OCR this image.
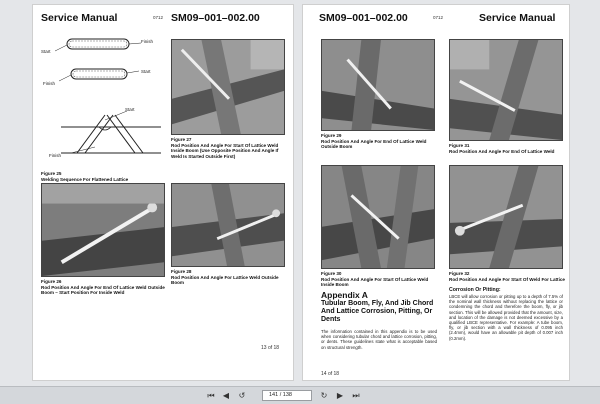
Service Manual	0712 SM09–001–002.00
Start
Finish
Finish
Start
Start
Finish
Figure 25
Welding Sequence For Flattened Lattice
Figure 27
Rod Position And Angle For Start Of Lattice Weld Inside Boom (Use Opposite Position And Angle If Weld Is Started Outside First)
Figure 26
Rod Position And Angle For End Of Lattice Weld Outside Boom – Start Position For Inside Weld
Figure 28
Rod Position And Angle For Lattice Weld Outside Boom
13 of 18
SM09–001–002.00	0712	Service Manual
Figure 29
Rod Position And Angle For End Of Lattice Weld Outside Boom	Figure 31
Rod Position And Angle For End Of Lattice Weld
Figure 30
Rod Position And Angle For Start Of Lattice Weld Inside Boom
Figure 32
Rod Position And Angle For Start Of Weld For Lattice
Appendix A
Tubular Boom, Fly, And Jib Chord And Lattice Corrosion, Pitting, Or Dents
The information contained in this appendix is to be used when considering tubular chord and lattice corrosion, pitting, or dents. These guidelines state what is acceptable based on structural strength.
Corrosion Or Pitting:
LBCE will allow corrosion or pitting up to a depth of 7.5% of the nominal wall thickness without replacing the lattice or condemning the chord and therefore the boom, fly, or jib section. This will be allowed provided that the amount, size, and location of the damage is not deemed excessive by a qualified LBCE representative. For example: A tube boom, fly, or jib section with a wall thickness of 0.095 inch (2.4mm), would have an allowable pit depth of 0.007 inch (0.2mm).
14 of 18
⏮	◀	↺	141 / 138	↻	▶	⏭
